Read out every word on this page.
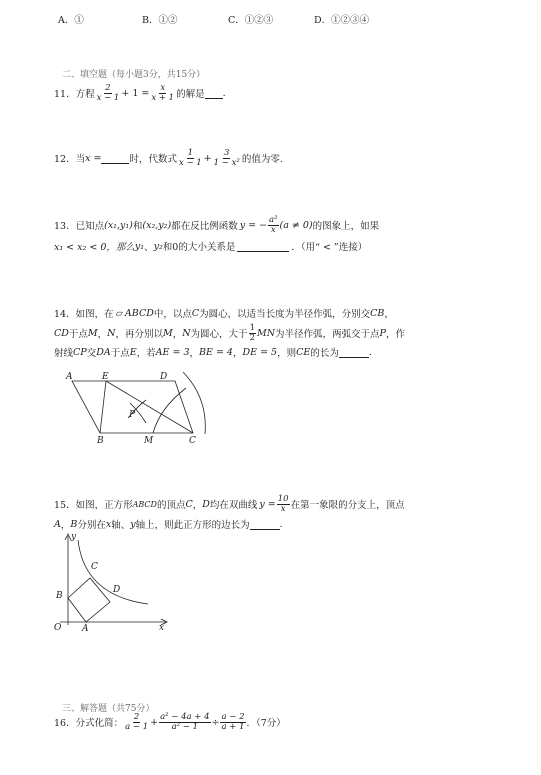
A．①	B．①②	C．①②③	D．①②③④
二、填空题（每小题3分，共15分）
11． 方程 $\frac{2}{x - 1} + 1 = \frac{x}{x + 1}$ 的解是 .
12． 当 x =	时，代数式 $\frac{1}{x - 1} + \frac{3}{\text{1 − x²}}$ 的值为零.
13． 已知点 (x₁,y₁) 和 (x₂,y₂) 都在反比例函数 y = − $\frac{\text{a²}}{x} (a \ne 0)$ 的图象上，如果
x₁ < x₂ < 0，那么 y₁ 、 y₂ 和0的大小关系是	．（用“ < ”连接）
14． 如图，在 ▱ ABCD 中，以点 C 为圆心，以适当长度为半径作弧，分别交 CB ，
CD 于点 M ， N ，再分别以 M ， N 为圆心，大于 $\frac{1}{2}$ MN 为半径作弧，两弧交于点 P ，作
射线 CP 交 DA 于点 E ，若 AE = 3 ， BE = 4 ， DE = 5 ，则 CE 的长为	.
A	E	D
P
B	M	C
15． 如图，正方形 ABCD 的顶点 C ， D 均在双曲线 $y = \frac{10}{x}$ 在第一象限的分支上，顶点
A ， B 分别在 x 轴、 y 轴上，则此正方形的边长为	.
y
x
O A
B
C
D
三、解答题（共75分）
16． 分式化简： $\frac{2}{a - 1} + \frac{\text{a² − 4a + 4}}{\text{a² − 1}} \div \frac{a - 2}{a + 1}$ ．（7分）
